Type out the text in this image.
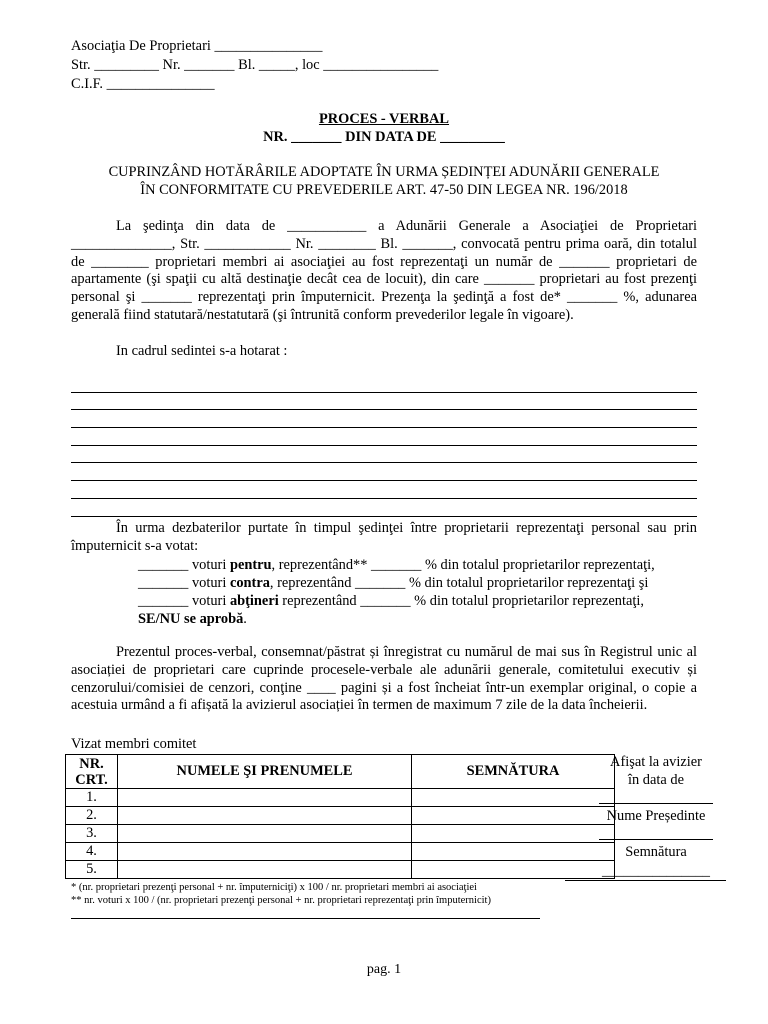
Asociaţia De Proprietari _______________
Str. _________ Nr. _______ Bl. _____, loc ________________
C.I.F. _______________
PROCES - VERBAL
NR. _______ DIN DATA DE _________
CUPRINZÂND HOTĂRÂRILE ADOPTATE ÎN URMA ȘEDINȚEI ADUNĂRII GENERALE
ÎN CONFORMITATE CU PREVEDERILE ART. 47-50 DIN LEGEA NR. 196/2018
La şedinţa din data de ___________ a Adunării Generale a Asociaţiei de Proprietari ______________, Str. ____________ Nr. ________ Bl. _______, convocată pentru prima oară, din totalul de ________ proprietari membri ai asociaţiei au fost reprezentaţi un număr de _______ proprietari de apartamente (şi spaţii cu altă destinaţie decât cea de locuit), din care _______ proprietari au fost prezenţi personal şi _______ reprezentaţi prin împuternicit. Prezenţa la şedinţă a fost de* _______ %, adunarea generală fiind statutară/nestatutară (şi întrunită conform prevederilor legale în vigoare).
In cadrul sedintei s-a hotarat :
În urma dezbaterilor purtate în timpul şedinţei între proprietarii reprezentaţi personal sau prin împuternicit s-a votat:
_______ voturi pentru, reprezentând** _______ % din totalul proprietarilor reprezentaţi,
_______ voturi contra, reprezentând _______ % din totalul proprietarilor reprezentaţi şi
_______ voturi abţineri reprezentând _______ % din totalul proprietarilor reprezentaţi,
SE/NU se aprobă.
Prezentul proces-verbal, consemnat/păstrat și înregistrat cu numărul de mai sus în Registrul unic al asociației de proprietari care cuprinde procesele-verbale ale adunării generale, comitetului executiv și cenzorului/comisiei de cenzori, conţine ____ pagini și a fost încheiat într-un exemplar original, o copie a acestuia urmând a fi afișată la avizierul asociației în termen de maximum 7 zile de la data încheierii.
Vizat membri comitet
NR. CRT.	NUMELE ŞI PRENUMELE	SEMNĂTURA
1.		
2.		
3.		
4.		
5.		
Afişat la avizier
în data de
Nume Președinte
Semnătura
_______________
* (nr. proprietari prezenţi personal + nr. împuterniciţi) x 100 / nr. proprietari membri ai asociaţiei
** nr. voturi x 100 / (nr. proprietari prezenţi personal + nr. proprietari reprezentaţi prin împuternicit)
pag. 1
